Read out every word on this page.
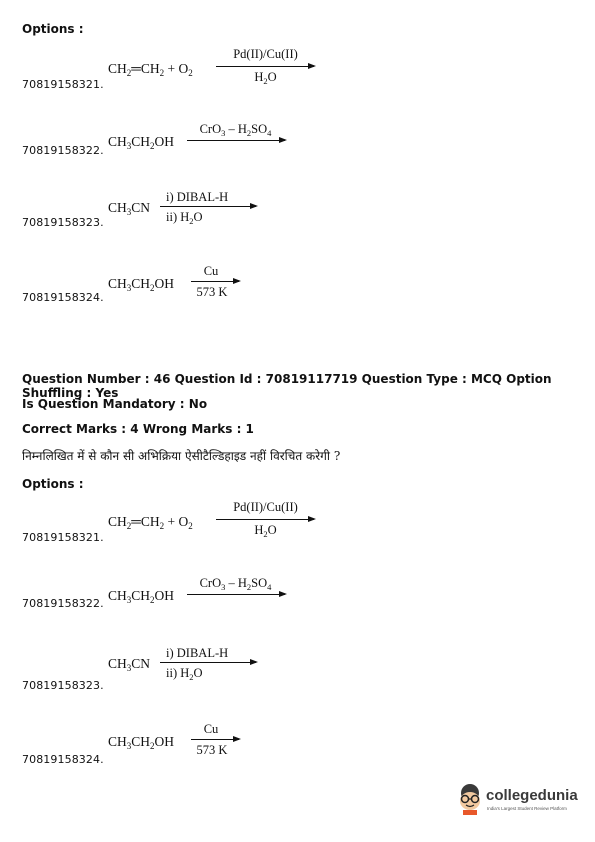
Options :
$CH_2═CH_2 + O_2$
Pd(II)/Cu(II)
$H_2O$
70819158321.
$CH_3CH_2OH$
$CrO_3 - H_2SO_4$
70819158322.
$CH_3CN$
i) DIBAL-H
ii) $H_2O$
70819158323.
$CH_3CH_2OH$
Cu
573 K
70819158324.
Question Number : 46 Question Id : 70819117719 Question Type : MCQ Option Shuffling : Yes
Is Question Mandatory : No
Correct Marks : 4 Wrong Marks : 1
निम्नलिखित में से कौन सी अभिक्रिया ऐसीटैल्डिहाइड नहीं विरचित करेगी ?
Options :
$CH_2═CH_2 + O_2$
Pd(II)/Cu(II)
$H_2O$
70819158321.
$CH_3CH_2OH$
$CrO_3 - H_2SO_4$
70819158322.
$CH_3CN$
i) DIBAL-H
ii) $H_2O$
70819158323.
$CH_3CH_2OH$
Cu
573 K
70819158324.
collegedunia
India's Largest Student Review Platform
